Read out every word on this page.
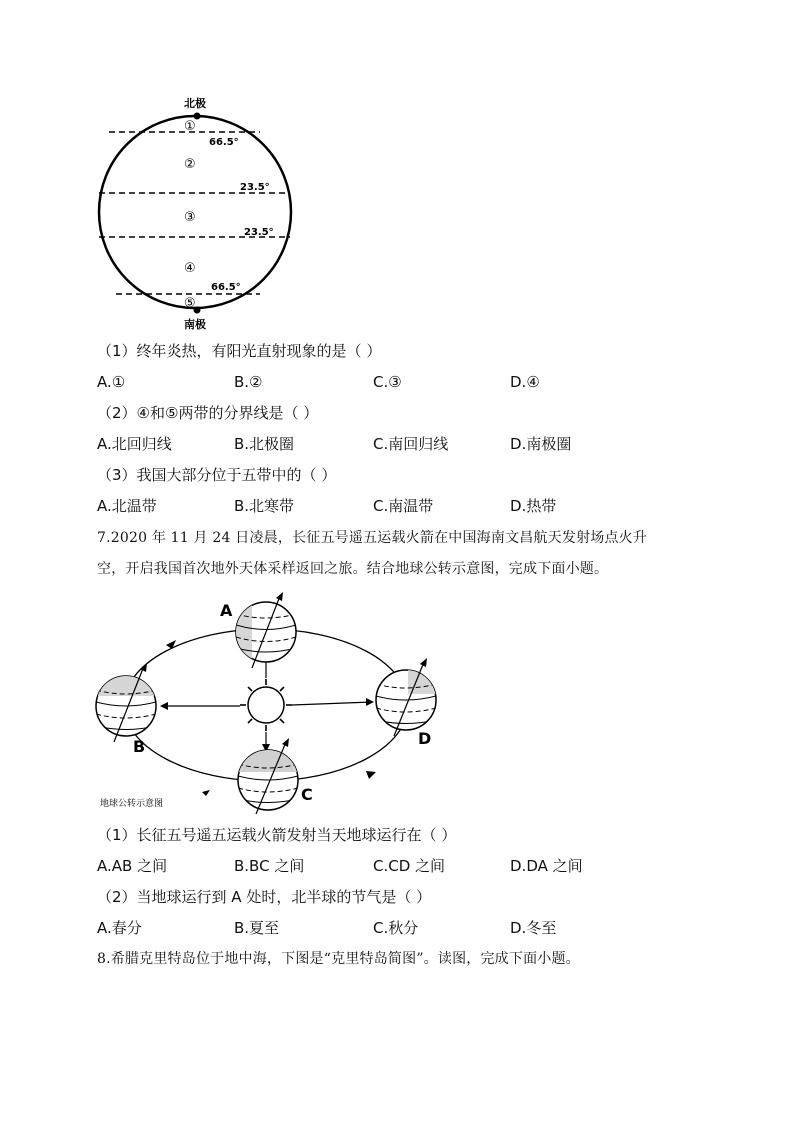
北极
南极
①
②
③
④
⑤
66.5°
23.5°
23.5°
66.5°
（1）终年炎热，有阳光直射现象的是（ ）
A.①	B.②	C.③	D.④
（2）④和⑤两带的分界线是（ ）
A.北回归线	B.北极圈	C.南回归线	D.南极圈
（3）我国大部分位于五带中的（ ）
A.北温带	B.北寒带	C.南温带	D.热带
7.2020 年 11 月 24 日凌晨，长征五号遥五运载火箭在中国海南文昌航天发射场点火升
空，开启我国首次地外天体采样返回之旅。结合地球公转示意图，完成下面小题。
A
B
C
D
地球公转示意图
（1）长征五号遥五运载火箭发射当天地球运行在（ ）
A.AB 之间	B.BC 之间	C.CD 之间	D.DA 之间
（2）当地球运行到 A 处时，北半球的节气是（ ）
A.春分	B.夏至	C.秋分	D.冬至
8.希腊克里特岛位于地中海，下图是“克里特岛简图”。读图，完成下面小题。
